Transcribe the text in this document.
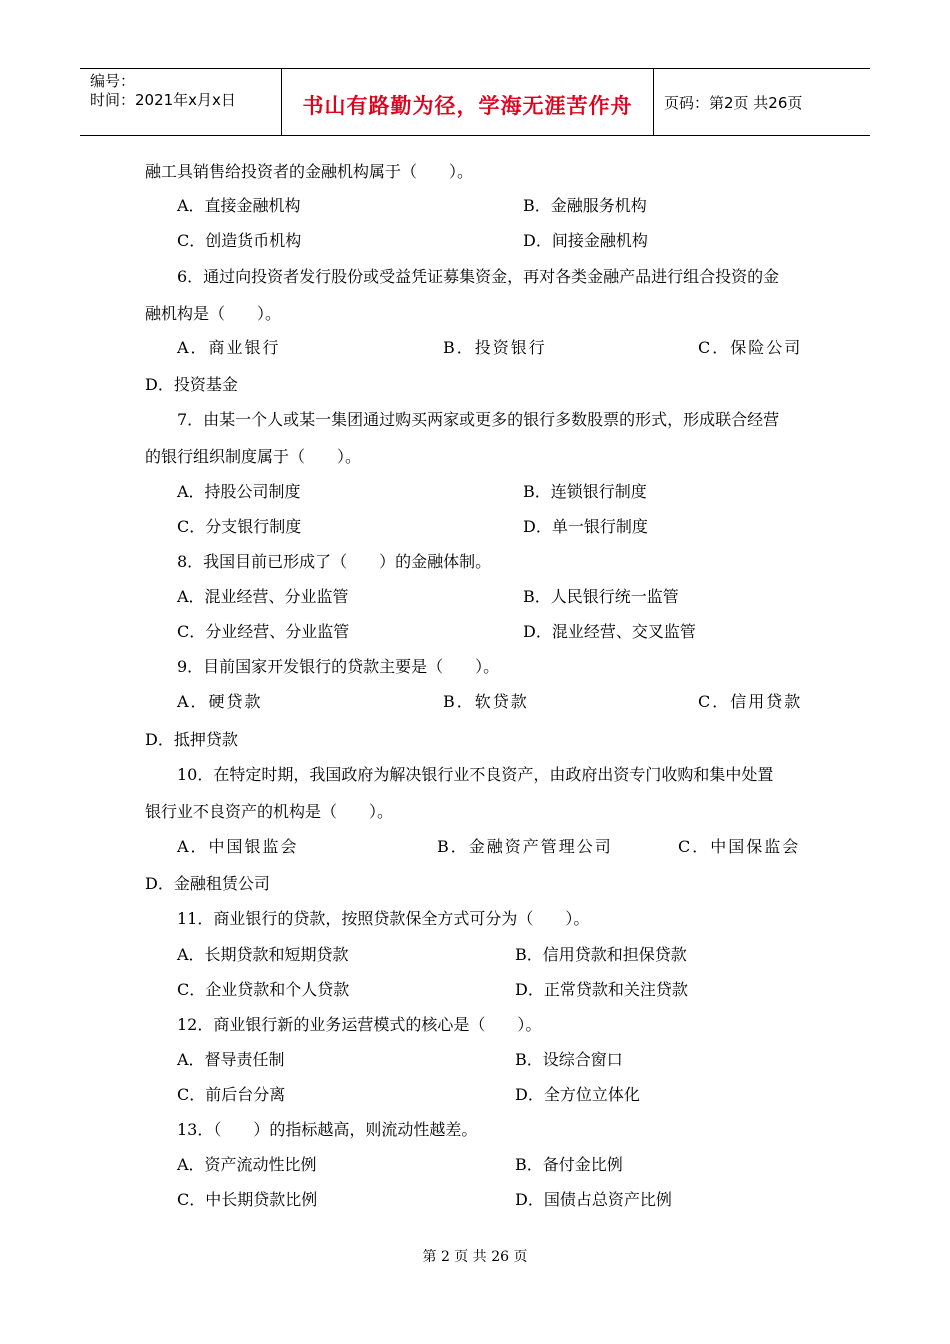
编号：
时间：2021年x月x日	书山有路勤为径，学海无涯苦作舟	页码：第2页 共26页
融工具销售给投资者的金融机构属于（　　）。
A．直接金融机构	B．金融服务机构
C．创造货币机构	D．间接金融机构
6．通过向投资者发行股份或受益凭证募集资金，再对各类金融产品进行组合投资的金
融机构是（　　）。
A．商业银行	B．投资银行	C．保险公司
D．投资基金
7．由某一个人或某一集团通过购买两家或更多的银行多数股票的形式，形成联合经营
的银行组织制度属于（　　）。
A．持股公司制度	B．连锁银行制度
C．分支银行制度	D．单一银行制度
8．我国目前已形成了（　　）的金融体制。
A．混业经营、分业监管	B．人民银行统一监管
C．分业经营、分业监管	D．混业经营、交叉监管
9．目前国家开发银行的贷款主要是（　　）。
A．硬贷款	B．软贷款	C．信用贷款
D．抵押贷款
10．在特定时期，我国政府为解决银行业不良资产，由政府出资专门收购和集中处置
银行业不良资产的机构是（　　）。
A．中国银监会	B．金融资产管理公司	C．中国保监会
D．金融租赁公司
11．商业银行的贷款，按照贷款保全方式可分为（　　）。
A．长期贷款和短期贷款	B．信用贷款和担保贷款
C．企业贷款和个人贷款	D．正常贷款和关注贷款
12．商业银行新的业务运营模式的核心是（　　）。
A．督导责任制	B．设综合窗口
C．前后台分离	D．全方位立体化
13．（　　）的指标越高，则流动性越差。
A．资产流动性比例	B．备付金比例
C．中长期贷款比例	D．国债占总资产比例
第 2 页 共 26 页
